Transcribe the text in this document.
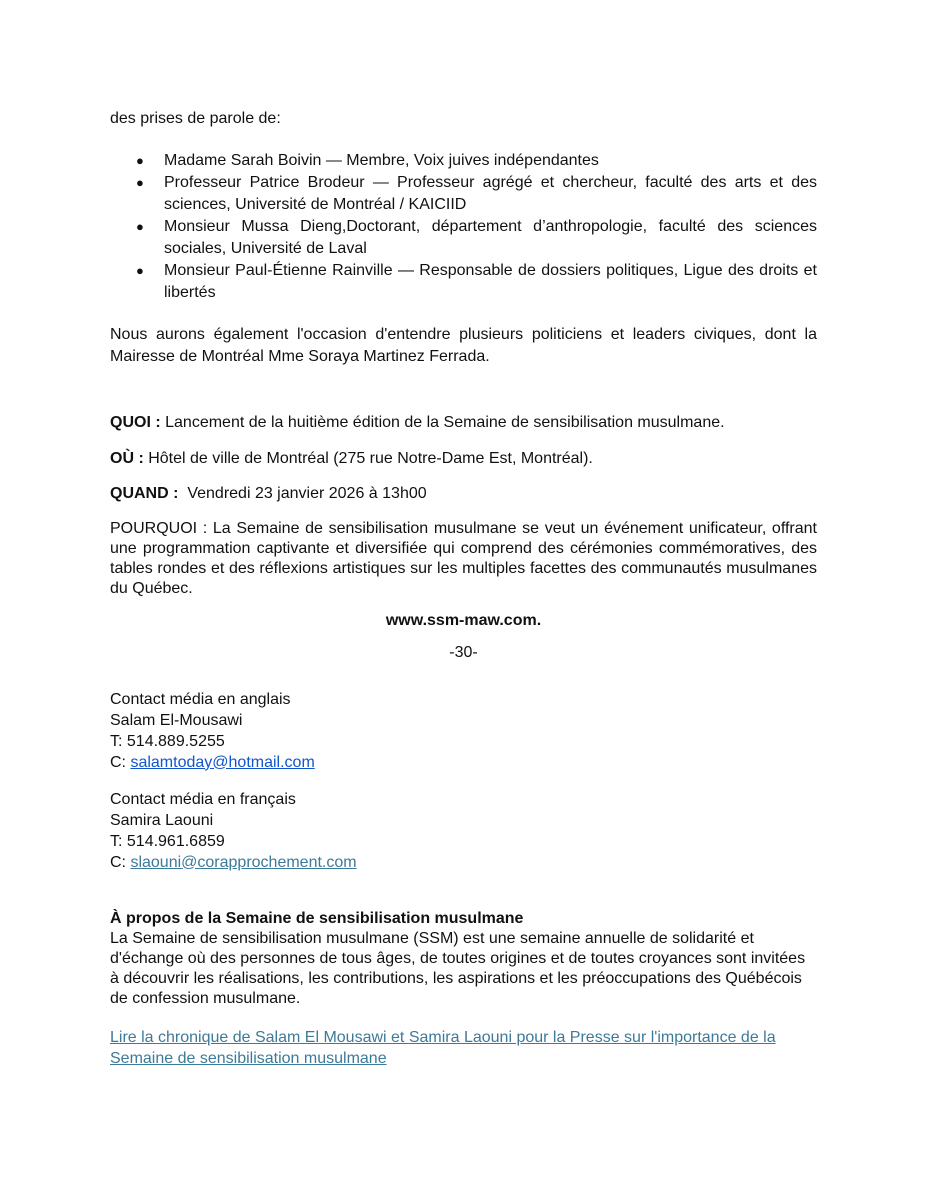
des prises de parole de:

● Madame Sarah Boivin — Membre, Voix juives indépendantes
● Professeur Patrice Brodeur — Professeur agrégé et chercheur, faculté des arts et des sciences, Université de Montréal / KAICIID
● Monsieur Mussa Dieng,Doctorant, département d’anthropologie, faculté des sciences sociales, Université de Laval
● Monsieur Paul-Étienne Rainville — Responsable de dossiers politiques, Ligue des droits et libertés

Nous aurons également l'occasion d'entendre plusieurs politiciens et leaders civiques, dont la Mairesse de Montréal Mme Soraya Martinez Ferrada.

QUOI : Lancement de la huitième édition de la Semaine de sensibilisation musulmane.

OÙ : Hôtel de ville de Montréal (275 rue Notre-Dame Est, Montréal).

QUAND :  Vendredi 23 janvier 2026 à 13h00

POURQUOI : La Semaine de sensibilisation musulmane se veut un événement unificateur, offrant une programmation captivante et diversifiée qui comprend des cérémonies commémoratives, des tables rondes et des réflexions artistiques sur les multiples facettes des communautés musulmanes du Québec.

www.ssm-maw.com.

-30-

Contact média en anglais
Salam El-Mousawi
T: 514.889.5255
C: salamtoday@hotmail.com
Contact média en français
Samira Laouni
T: 514.961.6859
C: slaouni@corapprochement.com
À propos de la Semaine de sensibilisation musulmane

La Semaine de sensibilisation musulmane (SSM) est une semaine annuelle de solidarité et d'échange où des personnes de tous âges, de toutes origines et de toutes croyances sont invitées à découvrir les réalisations, les contributions, les aspirations et les préoccupations des Québécois de confession musulmane.

Lire la chronique de Salam El Mousawi et Samira Laouni pour la Presse sur l'importance de la Semaine de sensibilisation musulmane
